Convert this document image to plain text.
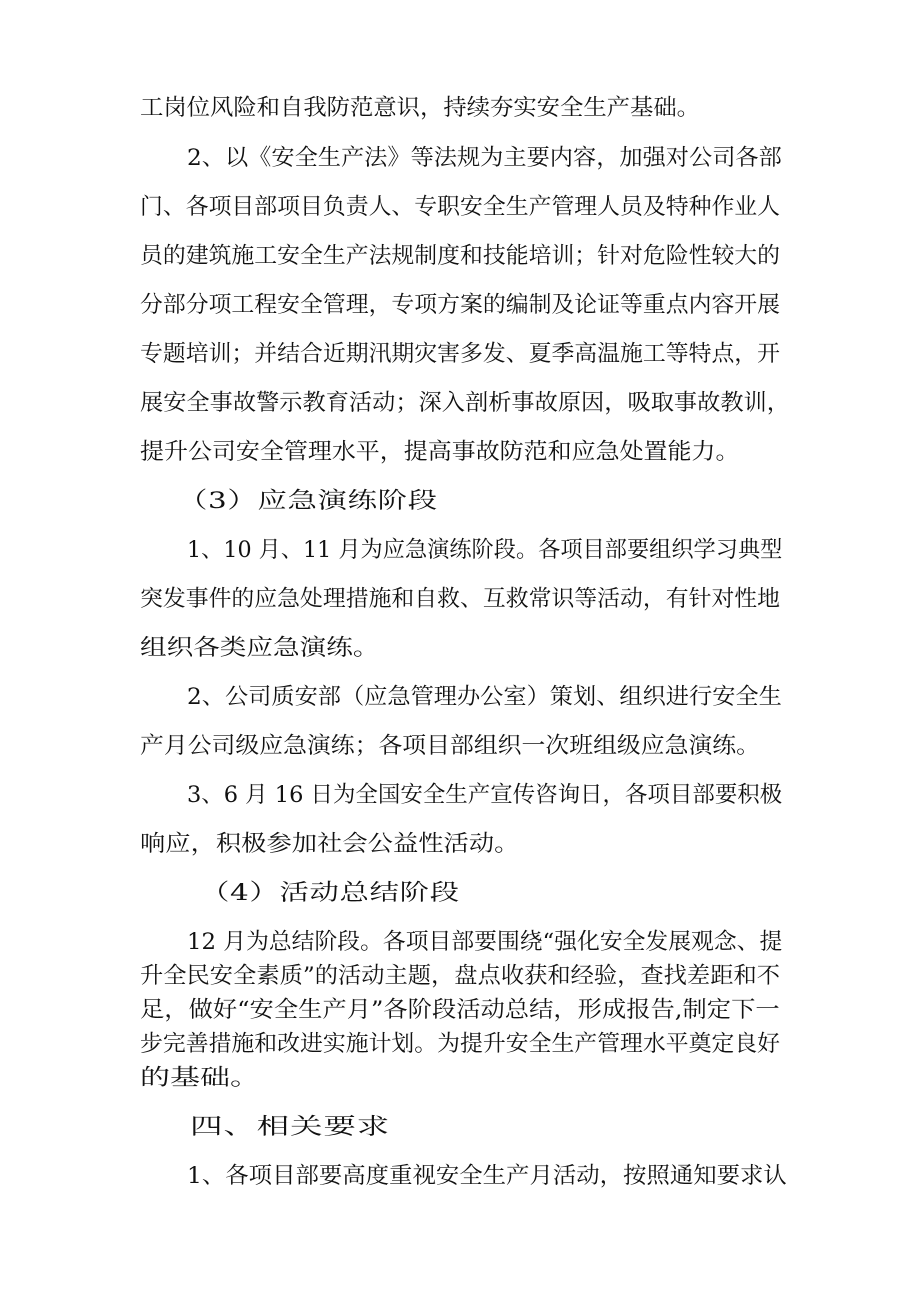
工岗位风险和自我防范意识，持续夯实安全生产基础。
2、以《安全生产法》等法规为主要内容，加强对公司各部
门、各项目部项目负责人、专职安全生产管理人员及特种作业人
员的建筑施工安全生产法规制度和技能培训；针对危险性较大的
分部分项工程安全管理，专项方案的编制及论证等重点内容开展
专题培训；并结合近期汛期灾害多发、夏季高温施工等特点，开
展安全事故警示教育活动；深入剖析事故原因，吸取事故教训，
提升公司安全管理水平，提高事故防范和应急处置能力。
（3）应急演练阶段
1、10 月、11 月为应急演练阶段。各项目部要组织学习典型
突发事件的应急处理措施和自救、互救常识等活动，有针对性地
组织各类应急演练。
2、公司质安部（应急管理办公室）策划、组织进行安全生
产月公司级应急演练；各项目部组织一次班组级应急演练。
3、6 月 16 日为全国安全生产宣传咨询日，各项目部要积极
响应，积极参加社会公益性活动。
（4）活动总结阶段
12 月为总结阶段。各项目部要围绕“强化安全发展观念、提
升全民安全素质”的活动主题，盘点收获和经验，查找差距和不
足，做好“安全生产月”各阶段活动总结，形成报告,制定下一
步完善措施和改进实施计划。为提升安全生产管理水平奠定良好
的基础。
四、相关要求
1、各项目部要高度重视安全生产月活动，按照通知要求认
